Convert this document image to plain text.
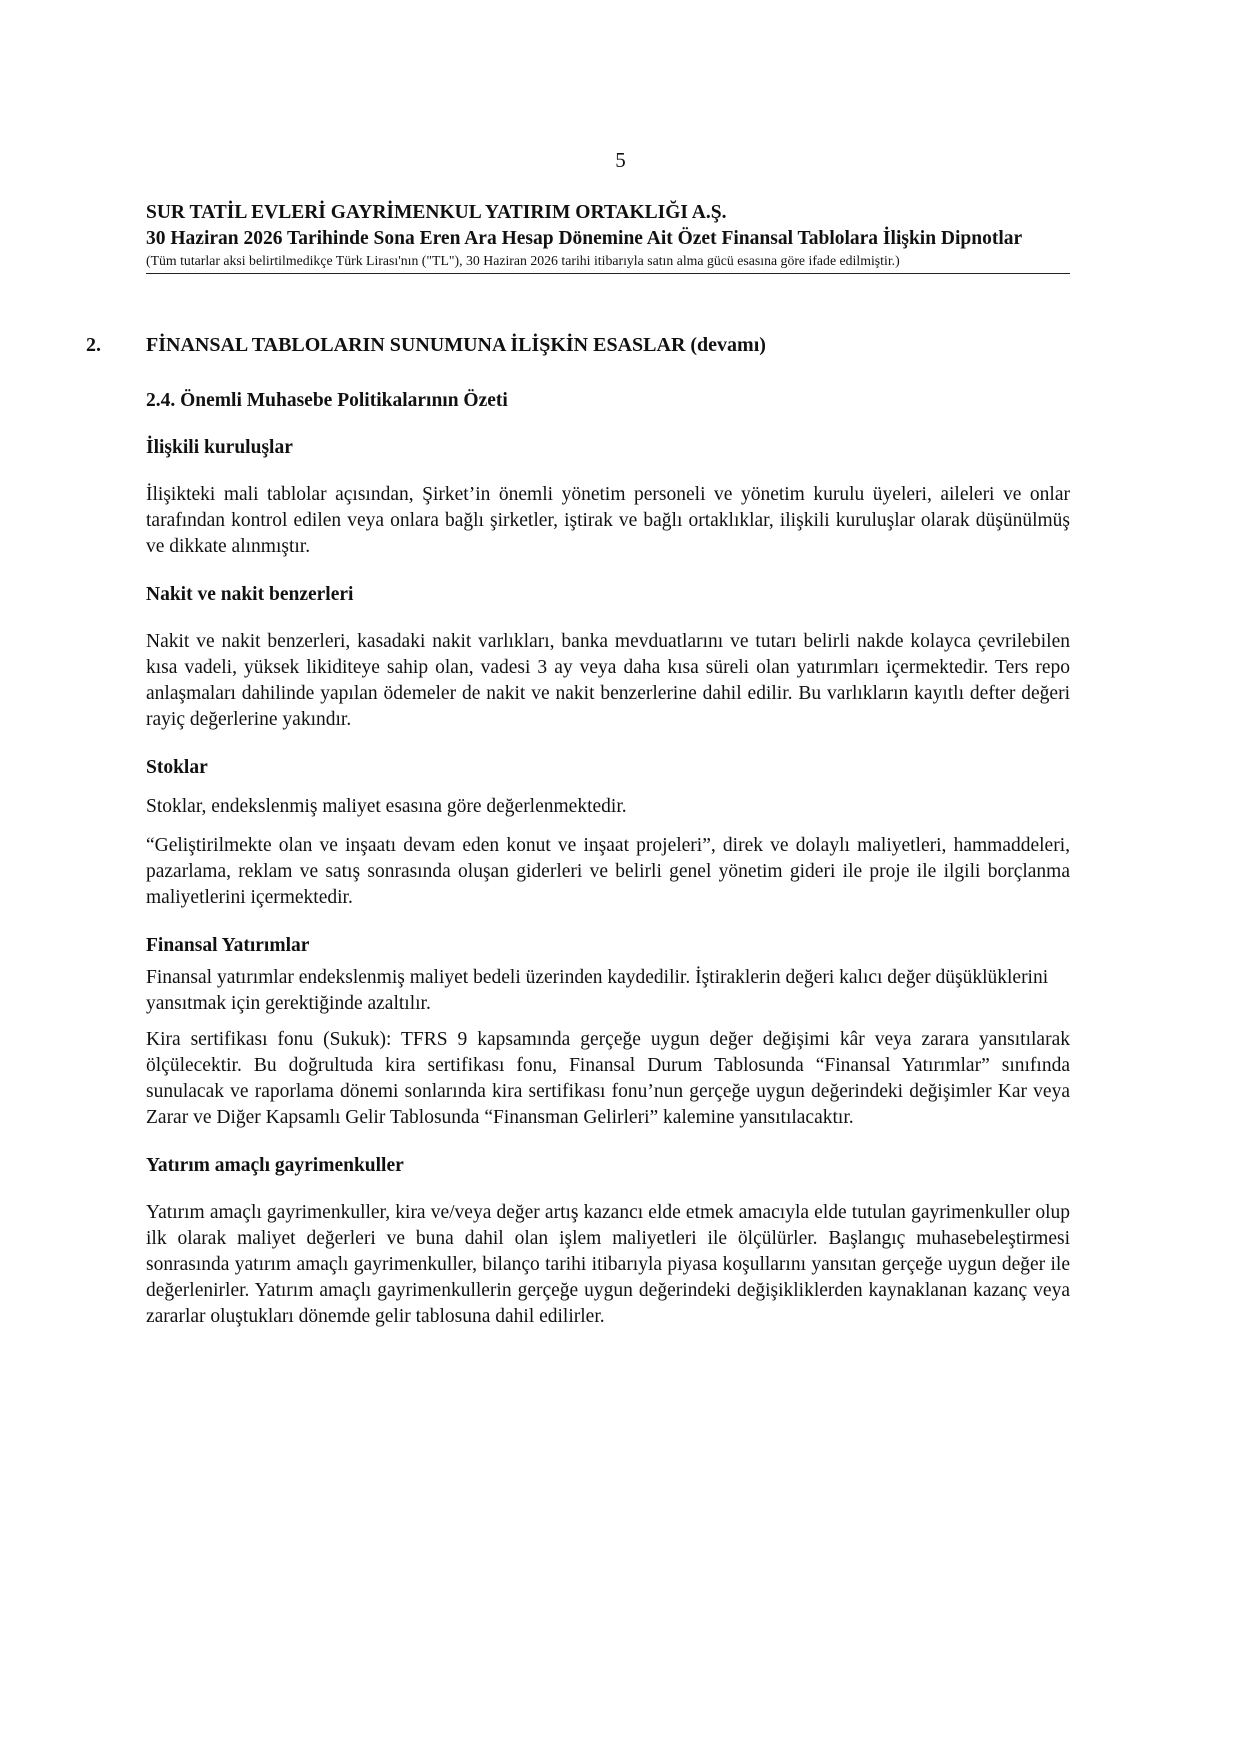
5
SUR TATİL EVLERİ GAYRİMENKUL YATIRIM ORTAKLIĞI A.Ş.
30 Haziran 2026 Tarihinde Sona Eren Ara Hesap Dönemine Ait Özet Finansal Tablolara İlişkin Dipnotlar
(Tüm tutarlar aksi belirtilmedikçe Türk Lirası'nın ("TL"), 30 Haziran 2026 tarihi itibarıyla satın alma gücü esasına göre ifade edilmiştir.)
2. FİNANSAL TABLOLARIN SUNUMUNA İLİŞKİN ESASLAR (devamı)

2.4. Önemli Muhasebe Politikalarının Özeti

İlişkili kuruluşlar

İlişikteki mali tablolar açısından, Şirket’in önemli yönetim personeli ve yönetim kurulu üyeleri, aileleri ve onlar tarafından kontrol edilen veya onlara bağlı şirketler, iştirak ve bağlı ortaklıklar, ilişkili kuruluşlar olarak düşünülmüş ve dikkate alınmıştır.

Nakit ve nakit benzerleri

Nakit ve nakit benzerleri, kasadaki nakit varlıkları, banka mevduatlarını ve tutarı belirli nakde kolayca çevrilebilen kısa vadeli, yüksek likiditeye sahip olan, vadesi 3 ay veya daha kısa süreli olan yatırımları içermektedir. Ters repo anlaşmaları dahilinde yapılan ödemeler de nakit ve nakit benzerlerine dahil edilir. Bu varlıkların kayıtlı defter değeri rayiç değerlerine yakındır.

Stoklar

Stoklar, endekslenmiş maliyet esasına göre değerlenmektedir.

“Geliştirilmekte olan ve inşaatı devam eden konut ve inşaat projeleri”, direk ve dolaylı maliyetleri, hammaddeleri, pazarlama, reklam ve satış sonrasında oluşan giderleri ve belirli genel yönetim gideri ile proje ile ilgili borçlanma maliyetlerini içermektedir.

Finansal Yatırımlar

Finansal yatırımlar endekslenmiş maliyet bedeli üzerinden kaydedilir. İştiraklerin değeri kalıcı değer düşüklüklerini yansıtmak için gerektiğinde azaltılır.

Kira sertifikası fonu (Sukuk): TFRS 9 kapsamında gerçeğe uygun değer değişimi kâr veya zarara yansıtılarak ölçülecektir. Bu doğrultuda kira sertifikası fonu, Finansal Durum Tablosunda “Finansal Yatırımlar” sınıfında sunulacak ve raporlama dönemi sonlarında kira sertifikası fonu’nun gerçeğe uygun değerindeki değişimler Kar veya Zarar ve Diğer Kapsamlı Gelir Tablosunda “Finansman Gelirleri” kalemine yansıtılacaktır.

Yatırım amaçlı gayrimenkuller

Yatırım amaçlı gayrimenkuller, kira ve/veya değer artış kazancı elde etmek amacıyla elde tutulan gayrimenkuller olup ilk olarak maliyet değerleri ve buna dahil olan işlem maliyetleri ile ölçülürler. Başlangıç muhasebeleştirmesi sonrasında yatırım amaçlı gayrimenkuller, bilanço tarihi itibarıyla piyasa koşullarını yansıtan gerçeğe uygun değer ile değerlenirler. Yatırım amaçlı gayrimenkullerin gerçeğe uygun değerindeki değişikliklerden kaynaklanan kazanç veya zararlar oluştukları dönemde gelir tablosuna dahil edilirler.
